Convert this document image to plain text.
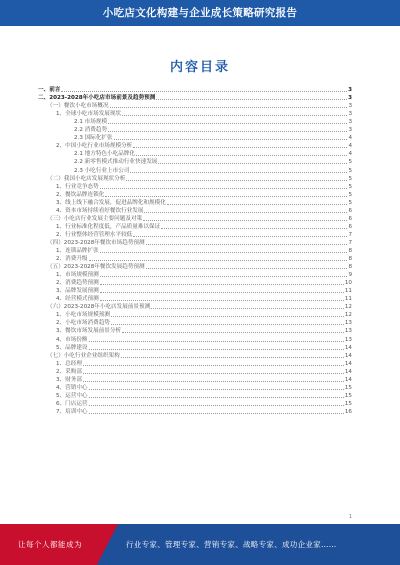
小吃店文化构建与企业成长策略研究报告
内容目录
一、前言	3
二、2023-2028年小吃店市场前景及趋势预测	3
（一）餐饮小吃市场概况	3
1、全球小吃市场发展现状	3
2.1 市场规模	3
2.2 消费趋势	3
2.3 国际化扩张	4
2、中国小吃行业市场规模分析	4
2.1 地方特色小吃品牌化	4
2.2 新零售模式推动行业快速发展	5
2.3 小吃行业上市公司	5
（二）我国小吃店发展现状分析	5
1、行业竞争态势	5
2、餐饮品牌连锁化	5
3、线上线下融合发展，促进品牌化和规模化	5
4、资本市场持续看好餐饮行业发展	6
（三）小吃店行业发展主要问题及对策	6
1、行业标准化程度低，产品质量难以保证	6
2、行业整体经营管理水平较低	7
（四）2023-2028年餐饮市场趋势预测	7
1、连锁品牌扩张	8
2、消费升级	8
（五）2023-2028年餐饮发展趋势预测	8
1、市场规模预测	9
2、消费趋势预测	10
3、品牌发展预测	11
4、经营模式预测	11
（六）2023-2028年小吃店发展前景预测	12
1、小吃市场规模预测	12
2、小吃市场消费趋势	13
3、餐饮市场发展前景分析	13
4、市场份额	13
5、品牌建设	14
（七）小吃行业企业组织架构	14
1、总经理	14
2、采购部	14
3、财务部	14
4、营销中心	15
5、运营中心	15
6、门店运营	15
7、培训中心	16
1
让每个人都能成为	行业专家、管理专家、营销专家、战略专家、成功企业家……
